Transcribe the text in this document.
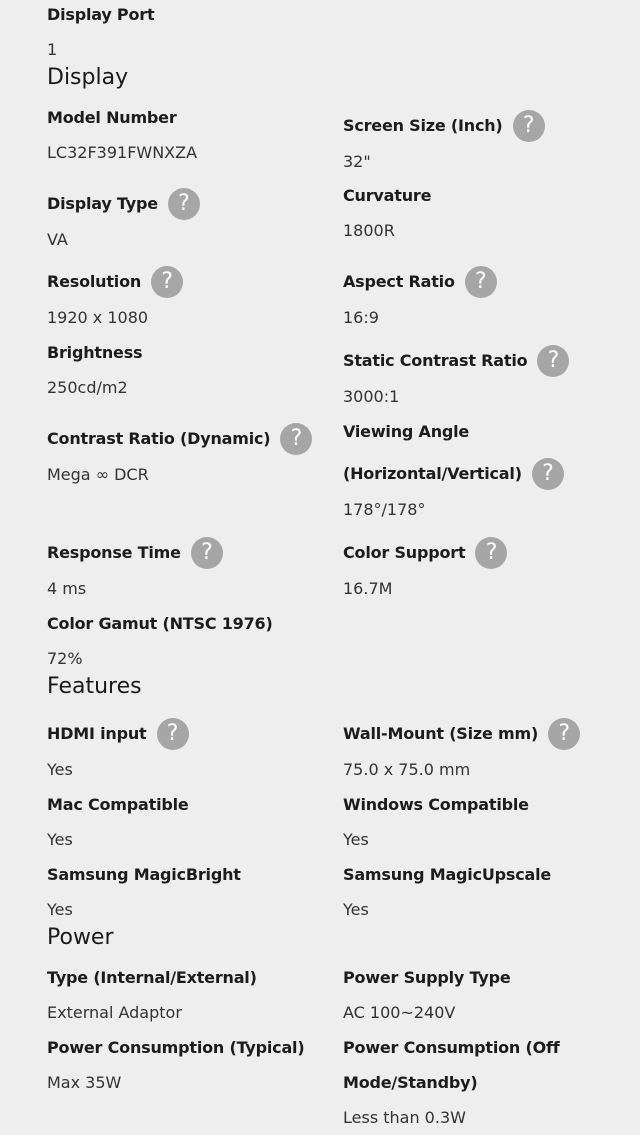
Display Port
1
Display
Model Number
LC32F391FWNXZA
Screen Size (Inch) ?
32"
Display Type ?
VA
Curvature
1800R
Resolution ?
1920 x 1080
Aspect Ratio ?
16:9
Brightness
250cd/m2
Static Contrast Ratio ?
3000:1
Contrast Ratio (Dynamic) ?
Mega ∞ DCR
Viewing Angle
(Horizontal/Vertical) ?
178°/178°
Response Time ?
4 ms
Color Support ?
16.7M
Color Gamut (NTSC 1976)
72%
Features
HDMI input ?
Yes
Wall-Mount (Size mm) ?
75.0 x 75.0 mm
Mac Compatible
Yes
Windows Compatible
Yes
Samsung MagicBright
Yes
Samsung MagicUpscale
Yes
Power
Type (Internal/External)
External Adaptor
Power Supply Type
AC 100~240V
Power Consumption (Typical)
Max 35W
Power Consumption (Off
Mode/Standby)
Less than 0.3W
